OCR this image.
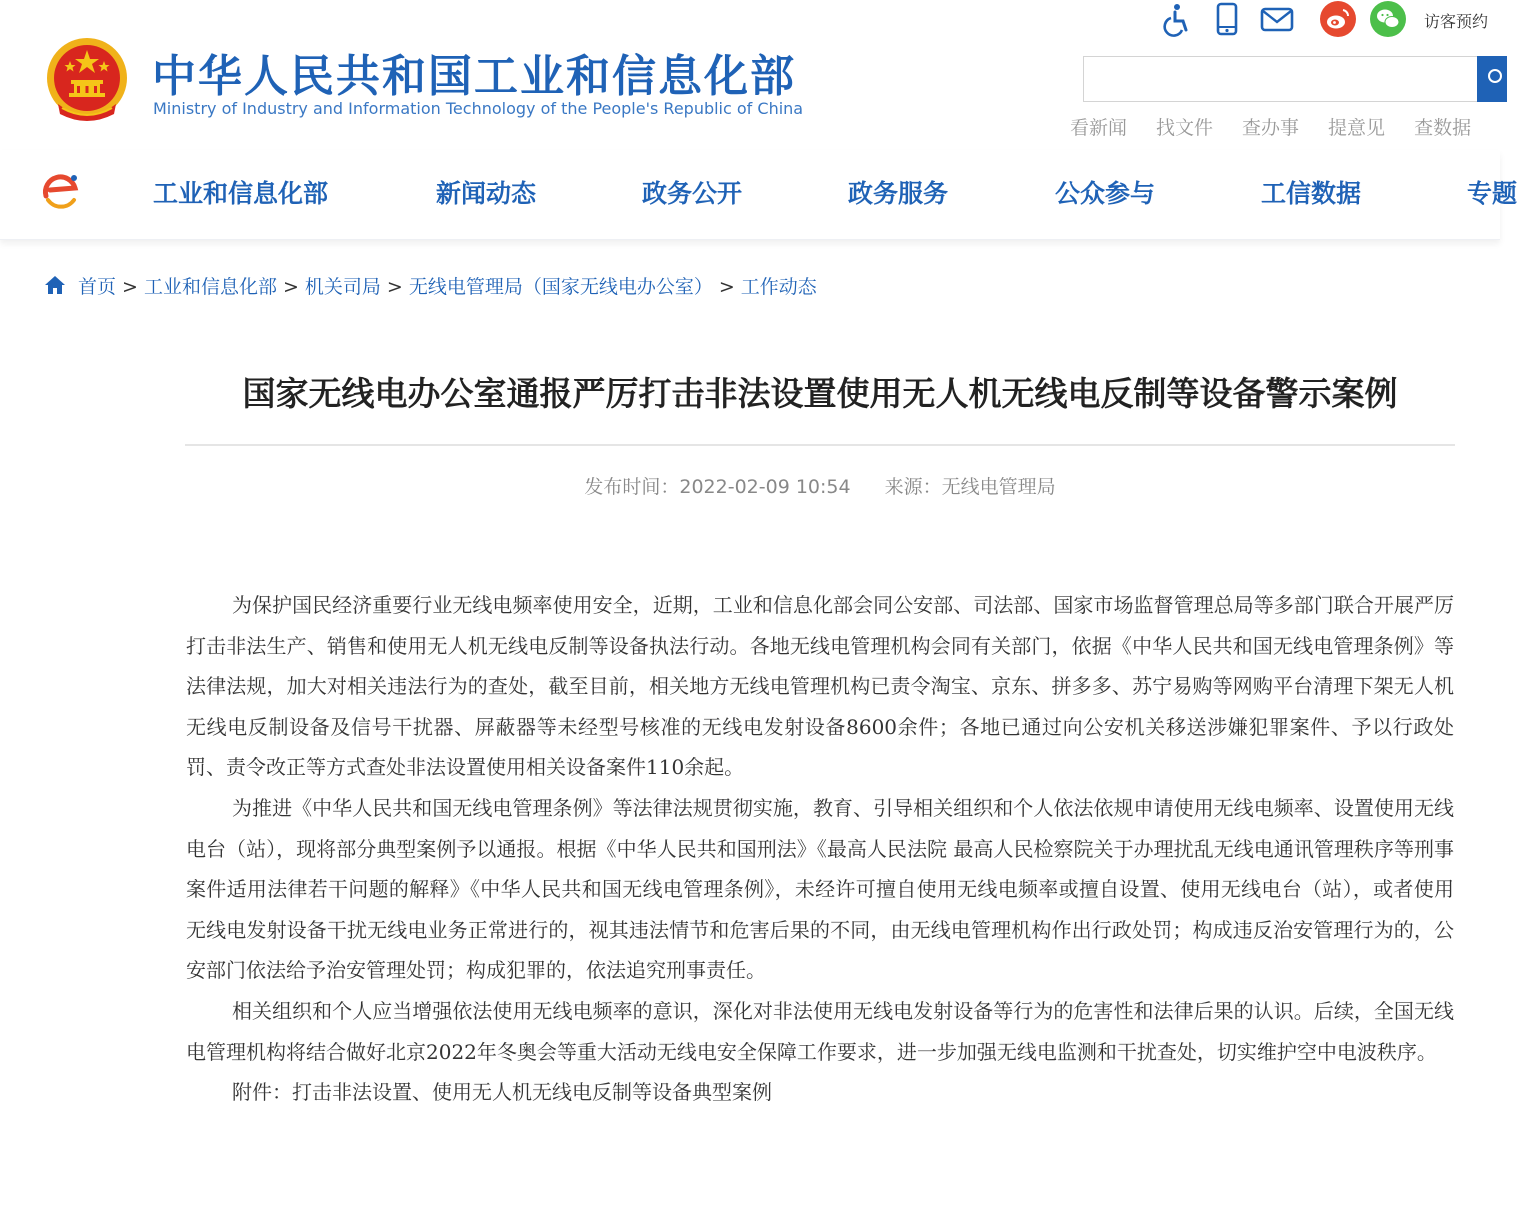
中华人民共和国工业和信息化部
Ministry of Industry and Information Technology of the People's Republic of China
访客预约
看新闻 找文件 查办事 提意见 查数据
工业和信息化部	新闻动态	政务公开	政务服务	公众参与	工信数据	专题
首页 > 工业和信息化部 > 机关司局 > 无线电管理局（国家无线电办公室） > 工作动态
国家无线电办公室通报严厉打击非法设置使用无人机无线电反制等设备警示案例
发布时间：2022-02-09 10:54 来源：无线电管理局

为保护国民经济重要行业无线电频率使用安全，近期，工业和信息化部会同公安部、司法部、国家市场监督管理总局等多部门联合开展严厉打击非法生产、销售和使用无人机无线电反制等设备执法行动。各地无线电管理机构会同有关部门，依据《中华人民共和国无线电管理条例》等法律法规，加大对相关违法行为的查处，截至目前，相关地方无线电管理机构已责令淘宝、京东、拼多多、苏宁易购等网购平台清理下架无人机无线电反制设备及信号干扰器、屏蔽器等未经型号核准的无线电发射设备8600余件；各地已通过向公安机关移送涉嫌犯罪案件、予以行政处罚、责令改正等方式查处非法设置使用相关设备案件110余起。

为推进《中华人民共和国无线电管理条例》等法律法规贯彻实施，教育、引导相关组织和个人依法依规申请使用无线电频率、设置使用无线电台（站），现将部分典型案例予以通报。根据《中华人民共和国刑法》《最高人民法院 最高人民检察院关于办理扰乱无线电通讯管理秩序等刑事案件适用法律若干问题的解释》《中华人民共和国无线电管理条例》，未经许可擅自使用无线电频率或擅自设置、使用无线电台（站），或者使用无线电发射设备干扰无线电业务正常进行的，视其违法情节和危害后果的不同，由无线电管理机构作出行政处罚；构成违反治安管理行为的，公安部门依法给予治安管理处罚；构成犯罪的，依法追究刑事责任。

相关组织和个人应当增强依法使用无线电频率的意识，深化对非法使用无线电发射设备等行为的危害性和法律后果的认识。后续，全国无线电管理机构将结合做好北京2022年冬奥会等重大活动无线电安全保障工作要求，进一步加强无线电监测和干扰查处，切实维护空中电波秩序。

附件：打击非法设置、使用无人机无线电反制等设备典型案例
